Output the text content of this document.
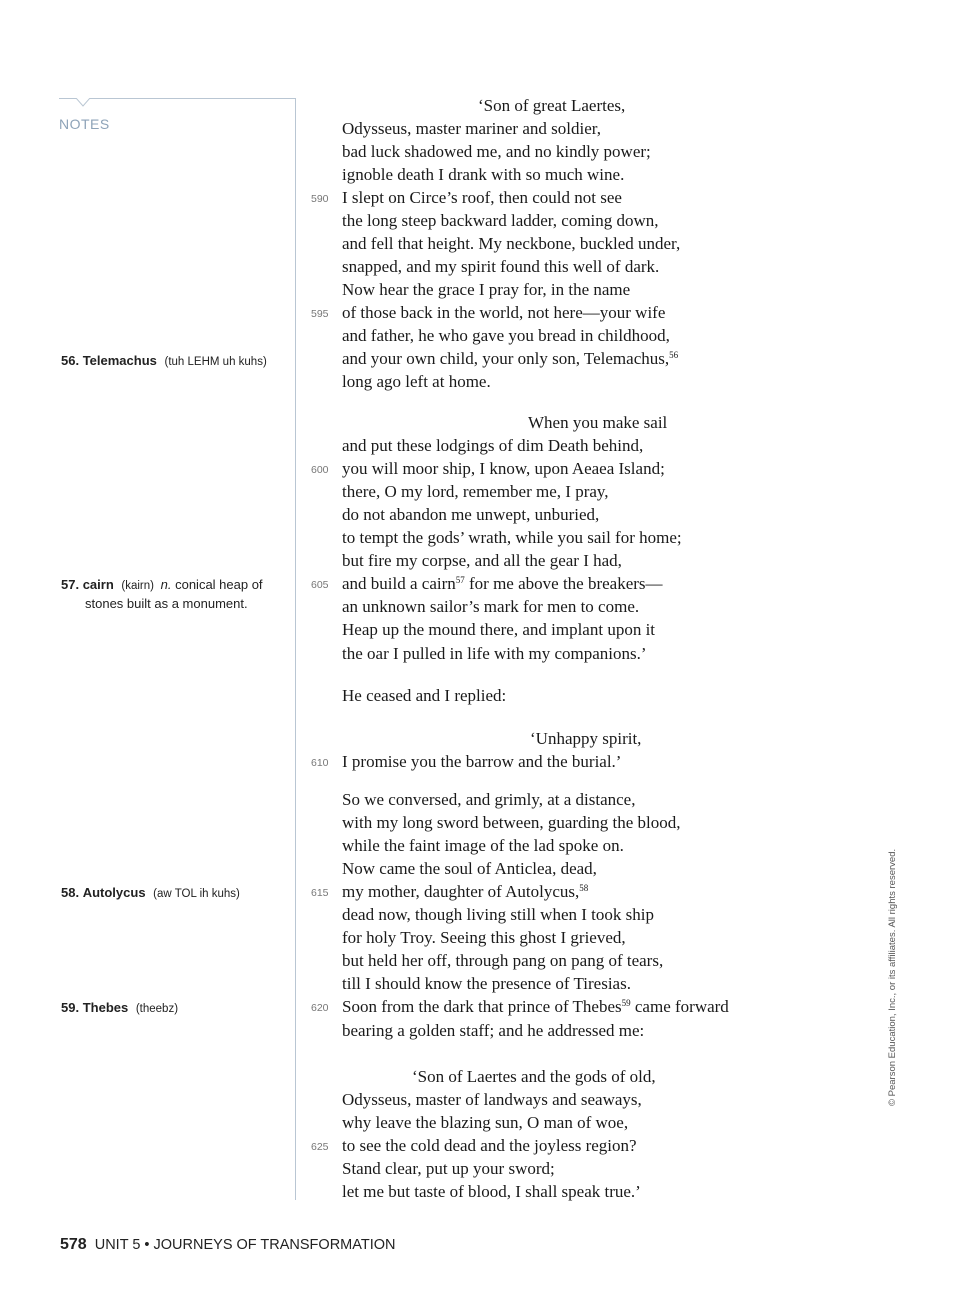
NOTES
56. Telemachus (tuh LEHM uh kuhs)
57. cairn (kairn) n. conical heap of
stones built as a monument.
58. Autolycus (aw TOL ih kuhs)
59. Thebes (theebz)
‘Son of great Laertes,
Odysseus, master mariner and soldier,
bad luck shadowed me, and no kindly power;
ignoble death I drank with so much wine.
590 I slept on Circe’s roof, then could not see
the long steep backward ladder, coming down,
and fell that height. My neckbone, buckled under,
snapped, and my spirit found this well of dark.
Now hear the grace I pray for, in the name
595 of those back in the world, not here—your wife
and father, he who gave you bread in childhood,
and your own child, your only son, Telemachus,$^{56}$
long ago left at home.
When you make sail
and put these lodgings of dim Death behind,
600 you will moor ship, I know, upon Aeaea Island;
there, O my lord, remember me, I pray,
do not abandon me unwept, unburied,
to tempt the gods’ wrath, while you sail for home;
but fire my corpse, and all the gear I had,
605 and build a cairn$^{57}$ for me above the breakers—
an unknown sailor’s mark for men to come.
Heap up the mound there, and implant upon it
the oar I pulled in life with my companions.’
He ceased and I replied:
‘Unhappy spirit,
610 I promise you the barrow and the burial.’
So we conversed, and grimly, at a distance,
with my long sword between, guarding the blood,
while the faint image of the lad spoke on.
Now came the soul of Anticlea, dead,
615 my mother, daughter of Autolycus,$^{58}$
dead now, though living still when I took ship
for holy Troy. Seeing this ghost I grieved,
but held her off, through pang on pang of tears,
till I should know the presence of Tiresias.
620 Soon from the dark that prince of Thebes$^{59}$ came forward
bearing a golden staff; and he addressed me:
‘Son of Laertes and the gods of old,
Odysseus, master of landways and seaways,
why leave the blazing sun, O man of woe,
625 to see the cold dead and the joyless region?
Stand clear, put up your sword;
let me but taste of blood, I shall speak true.’
© Pearson Education, Inc., or its affiliates. All rights reserved.
578 UNIT 5 • JOURNEYS OF TRANSFORMATION
